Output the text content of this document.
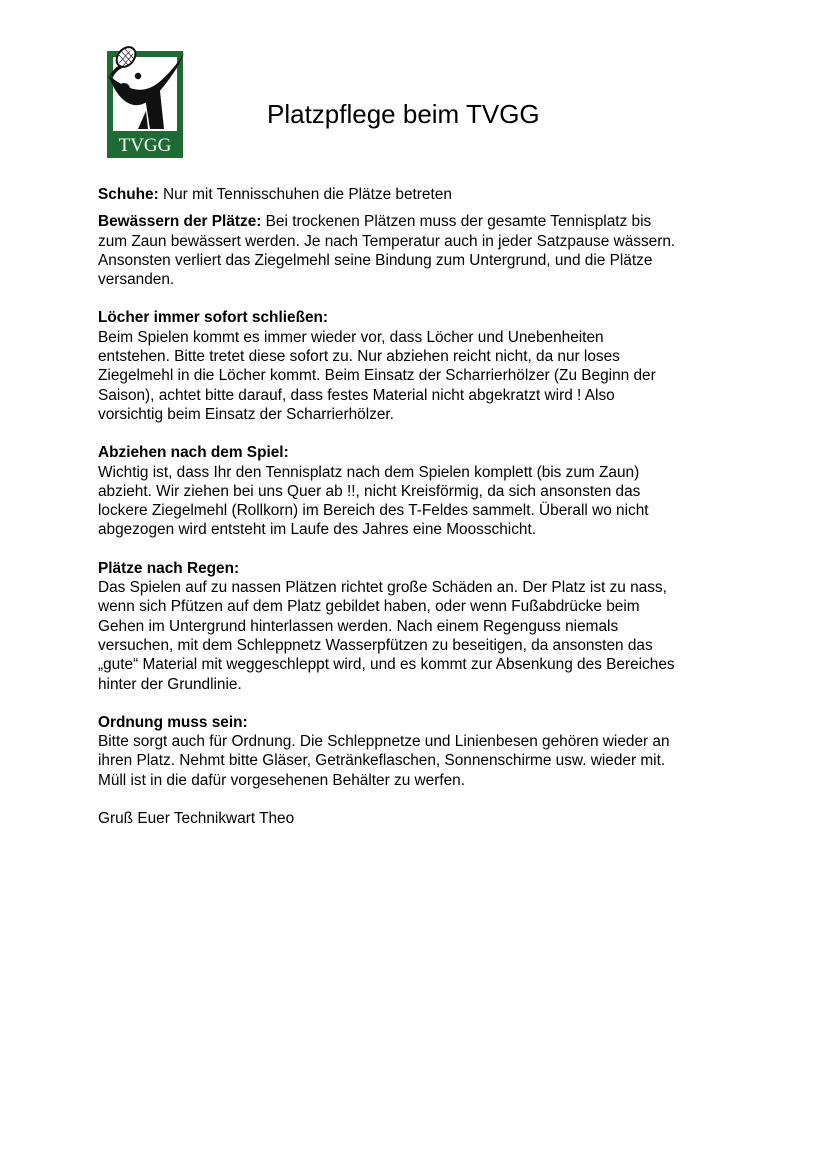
TVGG
Platzpflege beim TVGG
Schuhe: Nur mit Tennisschuhen die Plätze betreten
Bewässern der Plätze: Bei trockenen Plätzen muss der gesamte Tennisplatz bis
zum Zaun bewässert werden. Je nach Temperatur auch in jeder Satzpause wässern.
Ansonsten verliert das Ziegelmehl seine Bindung zum Untergrund, und die Plätze
versanden.
Löcher immer sofort schließen:
Beim Spielen kommt es immer wieder vor, dass Löcher und Unebenheiten
entstehen. Bitte tretet diese sofort zu. Nur abziehen reicht nicht, da nur loses
Ziegelmehl in die Löcher kommt. Beim Einsatz der Scharrierhölzer (Zu Beginn der
Saison), achtet bitte darauf, dass festes Material nicht abgekratzt wird ! Also
vorsichtig beim Einsatz der Scharrierhölzer.
Abziehen nach dem Spiel:
Wichtig ist, dass Ihr den Tennisplatz nach dem Spielen komplett (bis zum Zaun)
abzieht. Wir ziehen bei uns Quer ab !!, nicht Kreisförmig, da sich ansonsten das
lockere Ziegelmehl (Rollkorn) im Bereich des T-Feldes sammelt. Überall wo nicht
abgezogen wird entsteht im Laufe des Jahres eine Moosschicht.
Plätze nach Regen:
Das Spielen auf zu nassen Plätzen richtet große Schäden an. Der Platz ist zu nass,
wenn sich Pfützen auf dem Platz gebildet haben, oder wenn Fußabdrücke beim
Gehen im Untergrund hinterlassen werden. Nach einem Regenguss niemals
versuchen, mit dem Schleppnetz Wasserpfützen zu beseitigen, da ansonsten das
„gute“ Material mit weggeschleppt wird, und es kommt zur Absenkung des Bereiches
hinter der Grundlinie.
Ordnung muss sein:
Bitte sorgt auch für Ordnung. Die Schleppnetze und Linienbesen gehören wieder an
ihren Platz. Nehmt bitte Gläser, Getränkeflaschen, Sonnenschirme usw. wieder mit.
Müll ist in die dafür vorgesehenen Behälter zu werfen.
Gruß Euer Technikwart Theo
